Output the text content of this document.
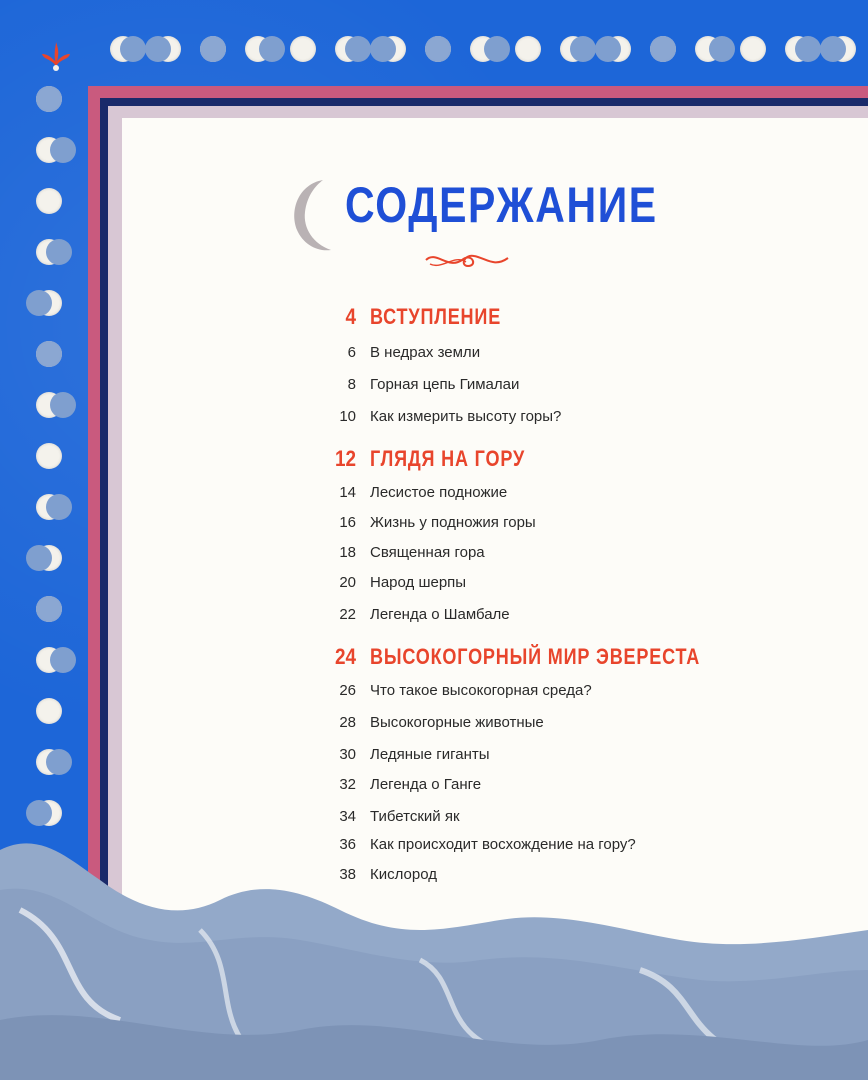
СОДЕРЖАНИЕ
4 ВСТУПЛЕНИЕ
6 В недрах земли
8 Горная цепь Гималаи
10 Как измерить высоту горы?
12 ГЛЯДЯ НА ГОРУ
14 Лесистое подножие
16 Жизнь у подножия горы
18 Священная гора
20 Народ шерпы
22 Легенда о Шамбале
24 ВЫСОКОГОРНЫЙ МИР ЭВЕРЕСТА
26 Что такое высокогорная среда?
28 Высокогорные животные
30 Ледяные гиганты
32 Легенда о Ганге
34 Тибетский як
36 Как происходит восхождение на гору?
38 Кислород
